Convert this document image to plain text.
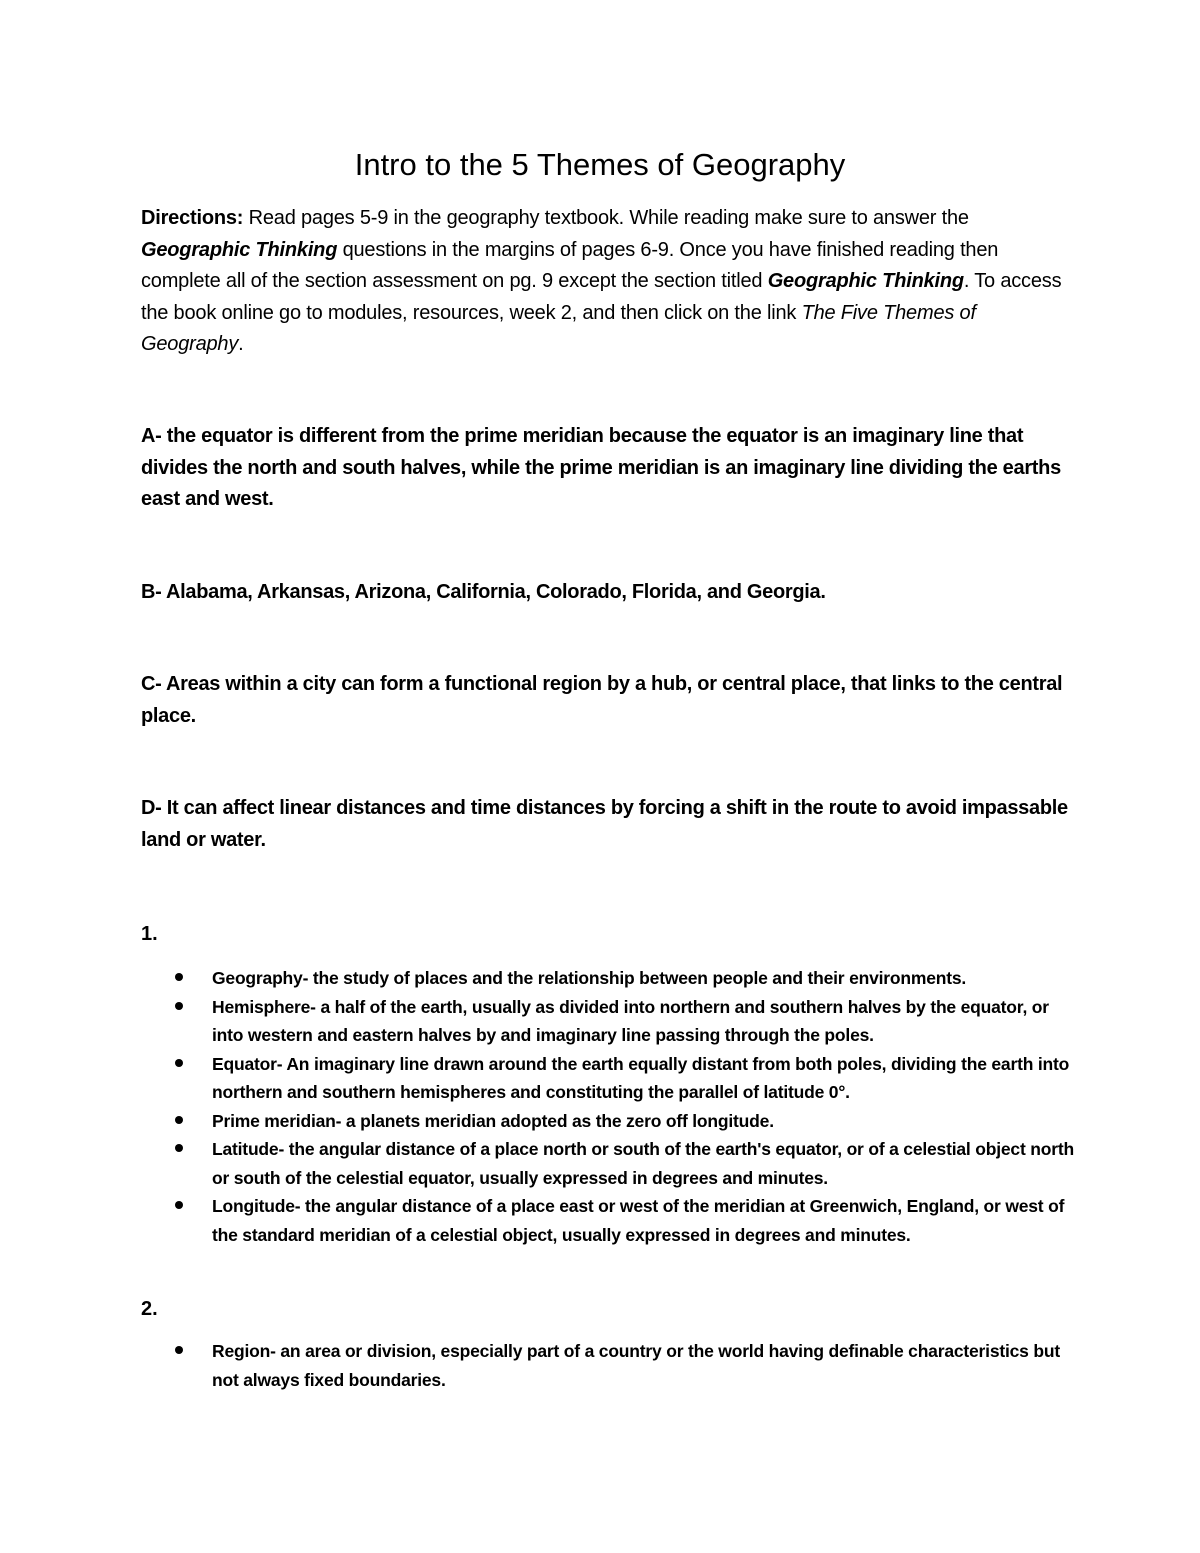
Intro to the 5 Themes of Geography

Directions: Read pages 5-9 in the geography textbook. While reading make sure to answer the Geographic Thinking questions in the margins of pages 6-9. Once you have finished reading then complete all of the section assessment on pg. 9 except the section titled Geographic Thinking. To access the book online go to modules, resources, week 2, and then click on the link The Five Themes of Geography.

A- the equator is different from the prime meridian because the equator is an imaginary line that divides the north and south halves, while the prime meridian is an imaginary line dividing the earths east and west.

B- Alabama, Arkansas, Arizona, California, Colorado, Florida, and Georgia.

C- Areas within a city can form a functional region by a hub, or central place, that links to the central place.

D- It can affect linear distances and time distances by forcing a shift in the route to avoid impassable land or water.

1.

Geography- the study of places and the relationship between people and their environments.
Hemisphere- a half of the earth, usually as divided into northern and southern halves by the equator, or into western and eastern halves by and imaginary line passing through the poles.
Equator- An imaginary line drawn around the earth equally distant from both poles, dividing the earth into northern and southern hemispheres and constituting the parallel of latitude 0°.
Prime meridian- a planets meridian adopted as the zero off longitude.
Latitude- the angular distance of a place north or south of the earth's equator, or of a celestial object north or south of the celestial equator, usually expressed in degrees and minutes.
Longitude- the angular distance of a place east or west of the meridian at Greenwich, England, or west of the standard meridian of a celestial object, usually expressed in degrees and minutes.

2.

Region- an area or division, especially part of a country or the world having definable characteristics but not always fixed boundaries.
